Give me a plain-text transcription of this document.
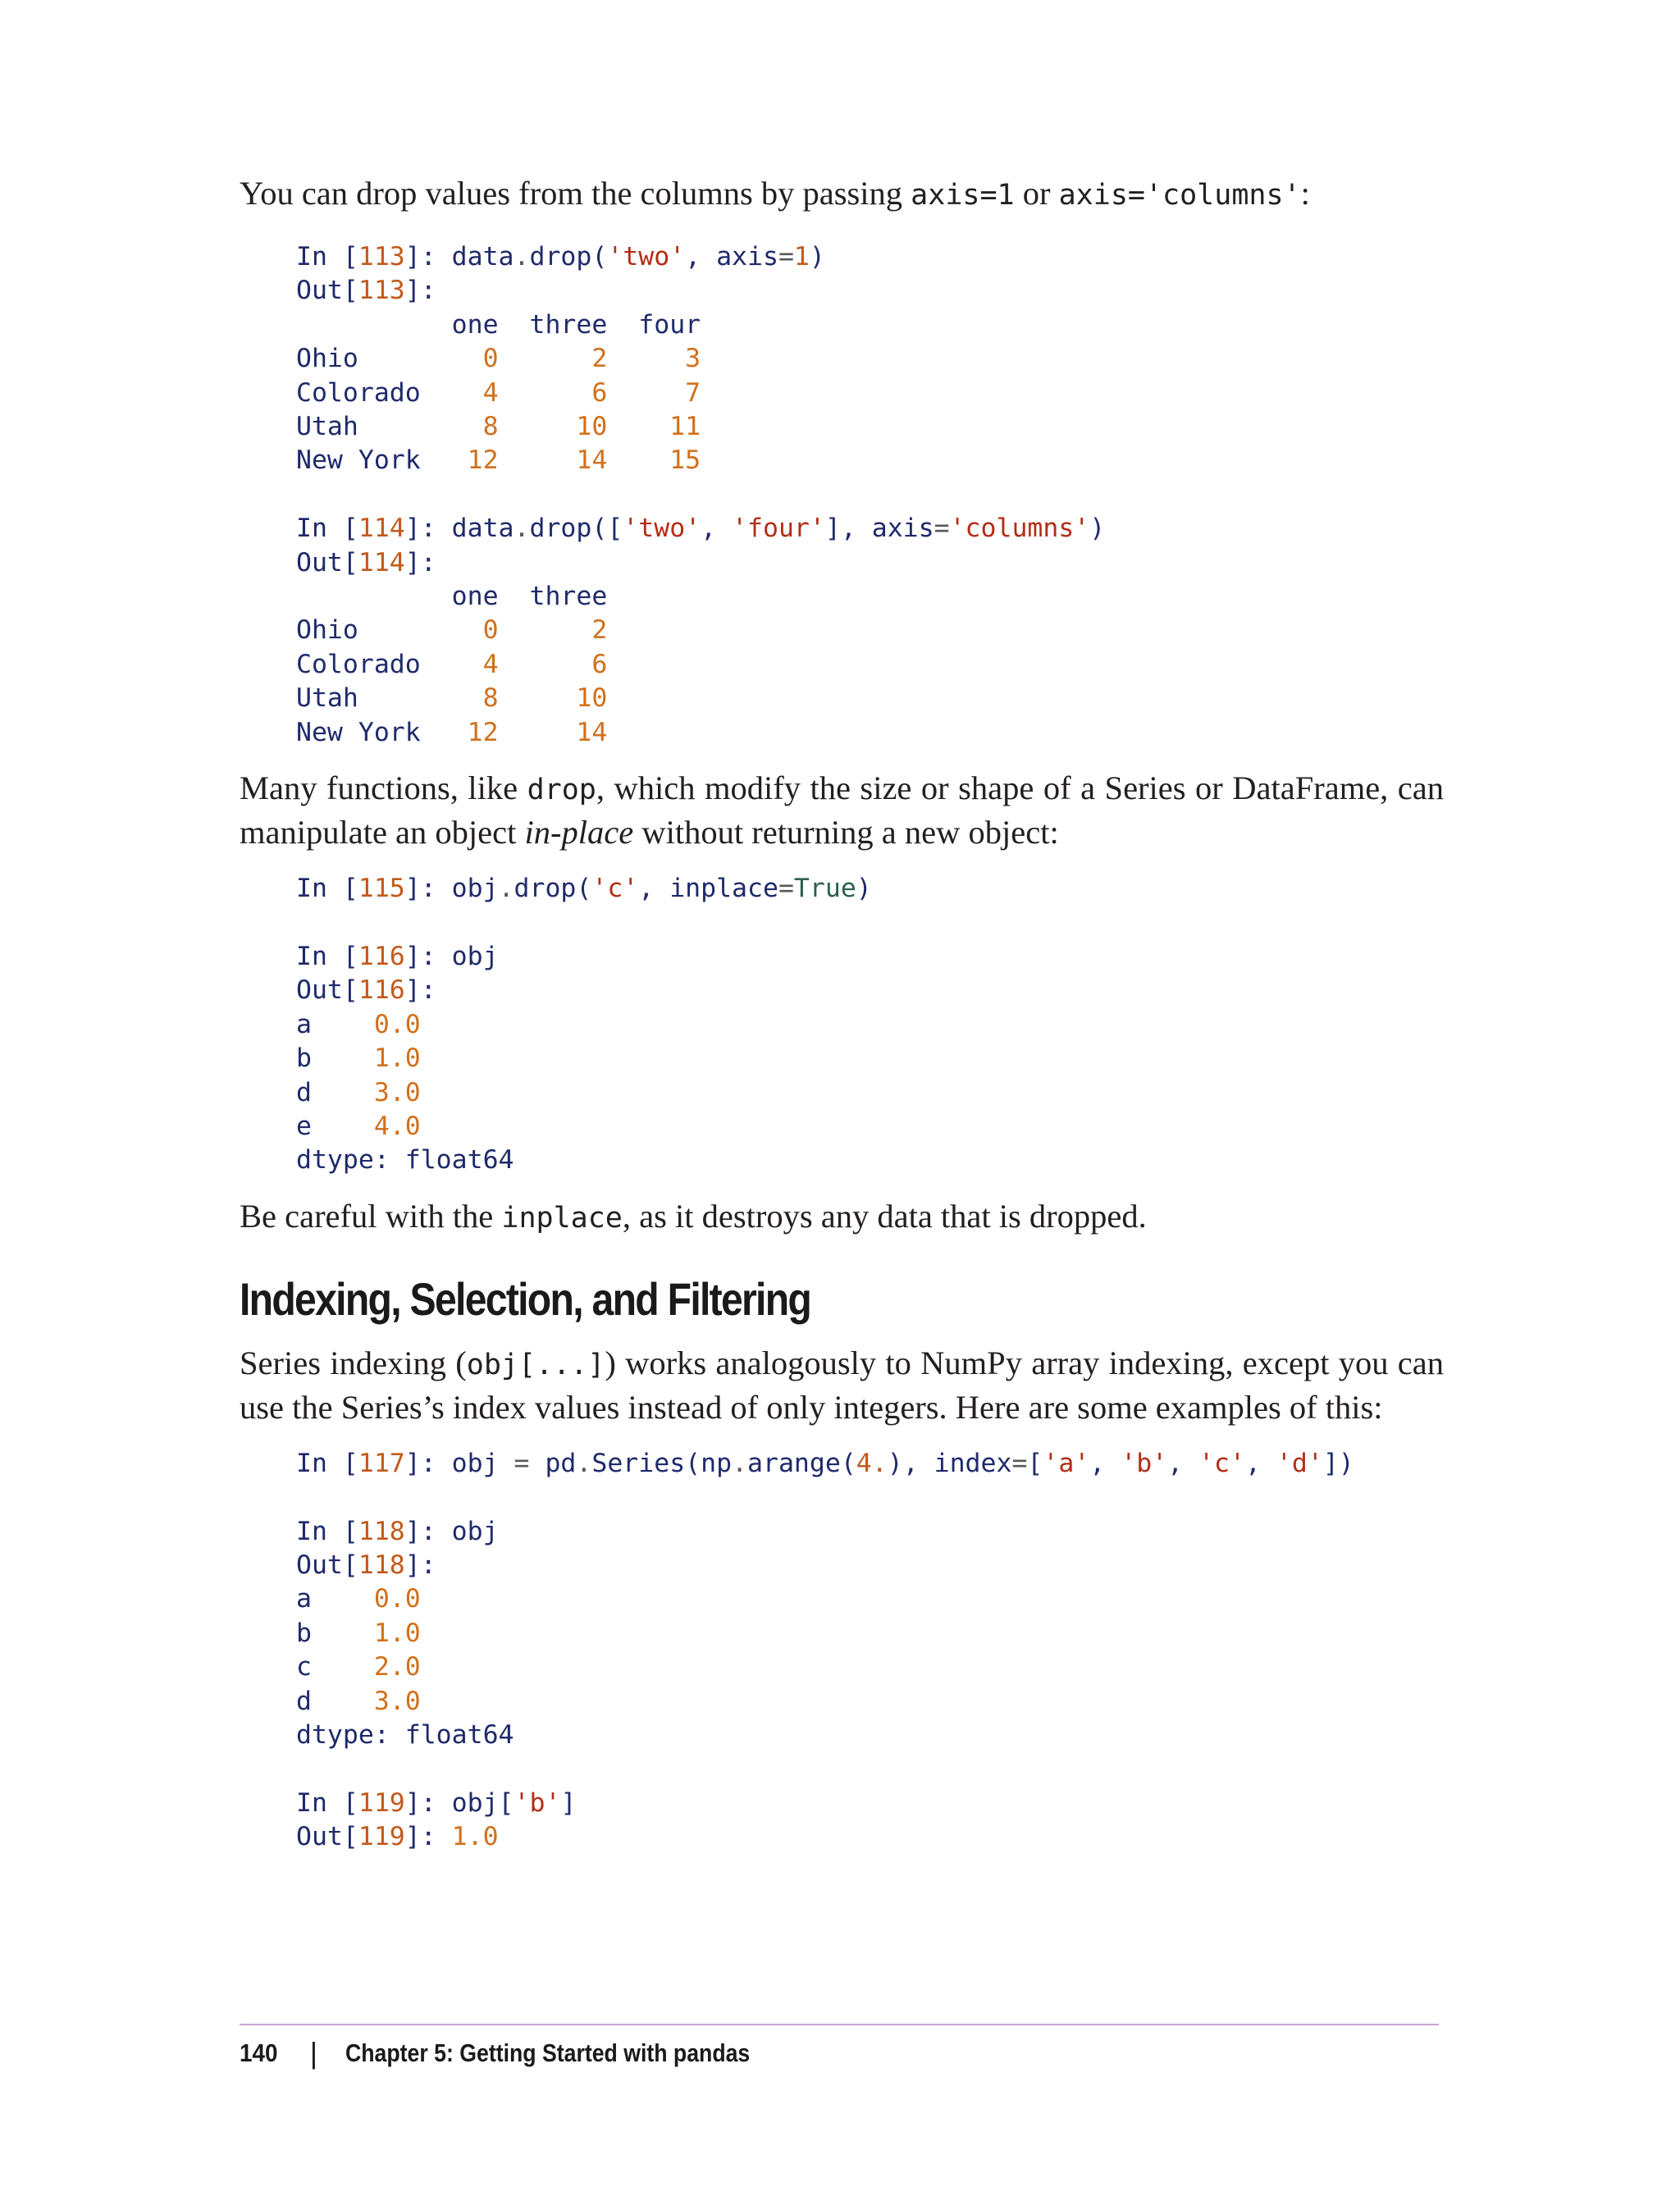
You can drop values from the columns by passing axis=1 or axis='columns':

In [113]: data.drop('two', axis=1)
Out[113]:
one three four
Ohio	0	2	3
Colorado 4	6	7
Utah	8	10 11
New York 12	14 15

In [114]: data.drop(['two', 'four'], axis='columns')
Out[114]:
one three
Ohio	0	2
Colorado 4	6
Utah	8	10
New York 12	14

Many functions, like drop, which modify the size or shape of a Series or DataFrame, can manipulate an object in-place without returning a new object:

In [115]: obj.drop('c', inplace=True)

In [116]: obj
Out[116]:
a 0.0
b 1.0
d 3.0
e 4.0
dtype: float64

Be careful with the inplace, as it destroys any data that is dropped.

Indexing, Selection, and Filtering

Series indexing (obj[...]) works analogously to NumPy array indexing, except you can use the Series’s index values instead of only integers. Here are some examples of this:

In [117]: obj = pd.Series(np.arange(4.), index=['a', 'b', 'c', 'd'])

In [118]: obj
Out[118]:
a 0.0
b 1.0
c 2.0
d 3.0
dtype: float64

In [119]: obj['b']
Out[119]: 1.0
140 | Chapter 5: Getting Started with pandas
